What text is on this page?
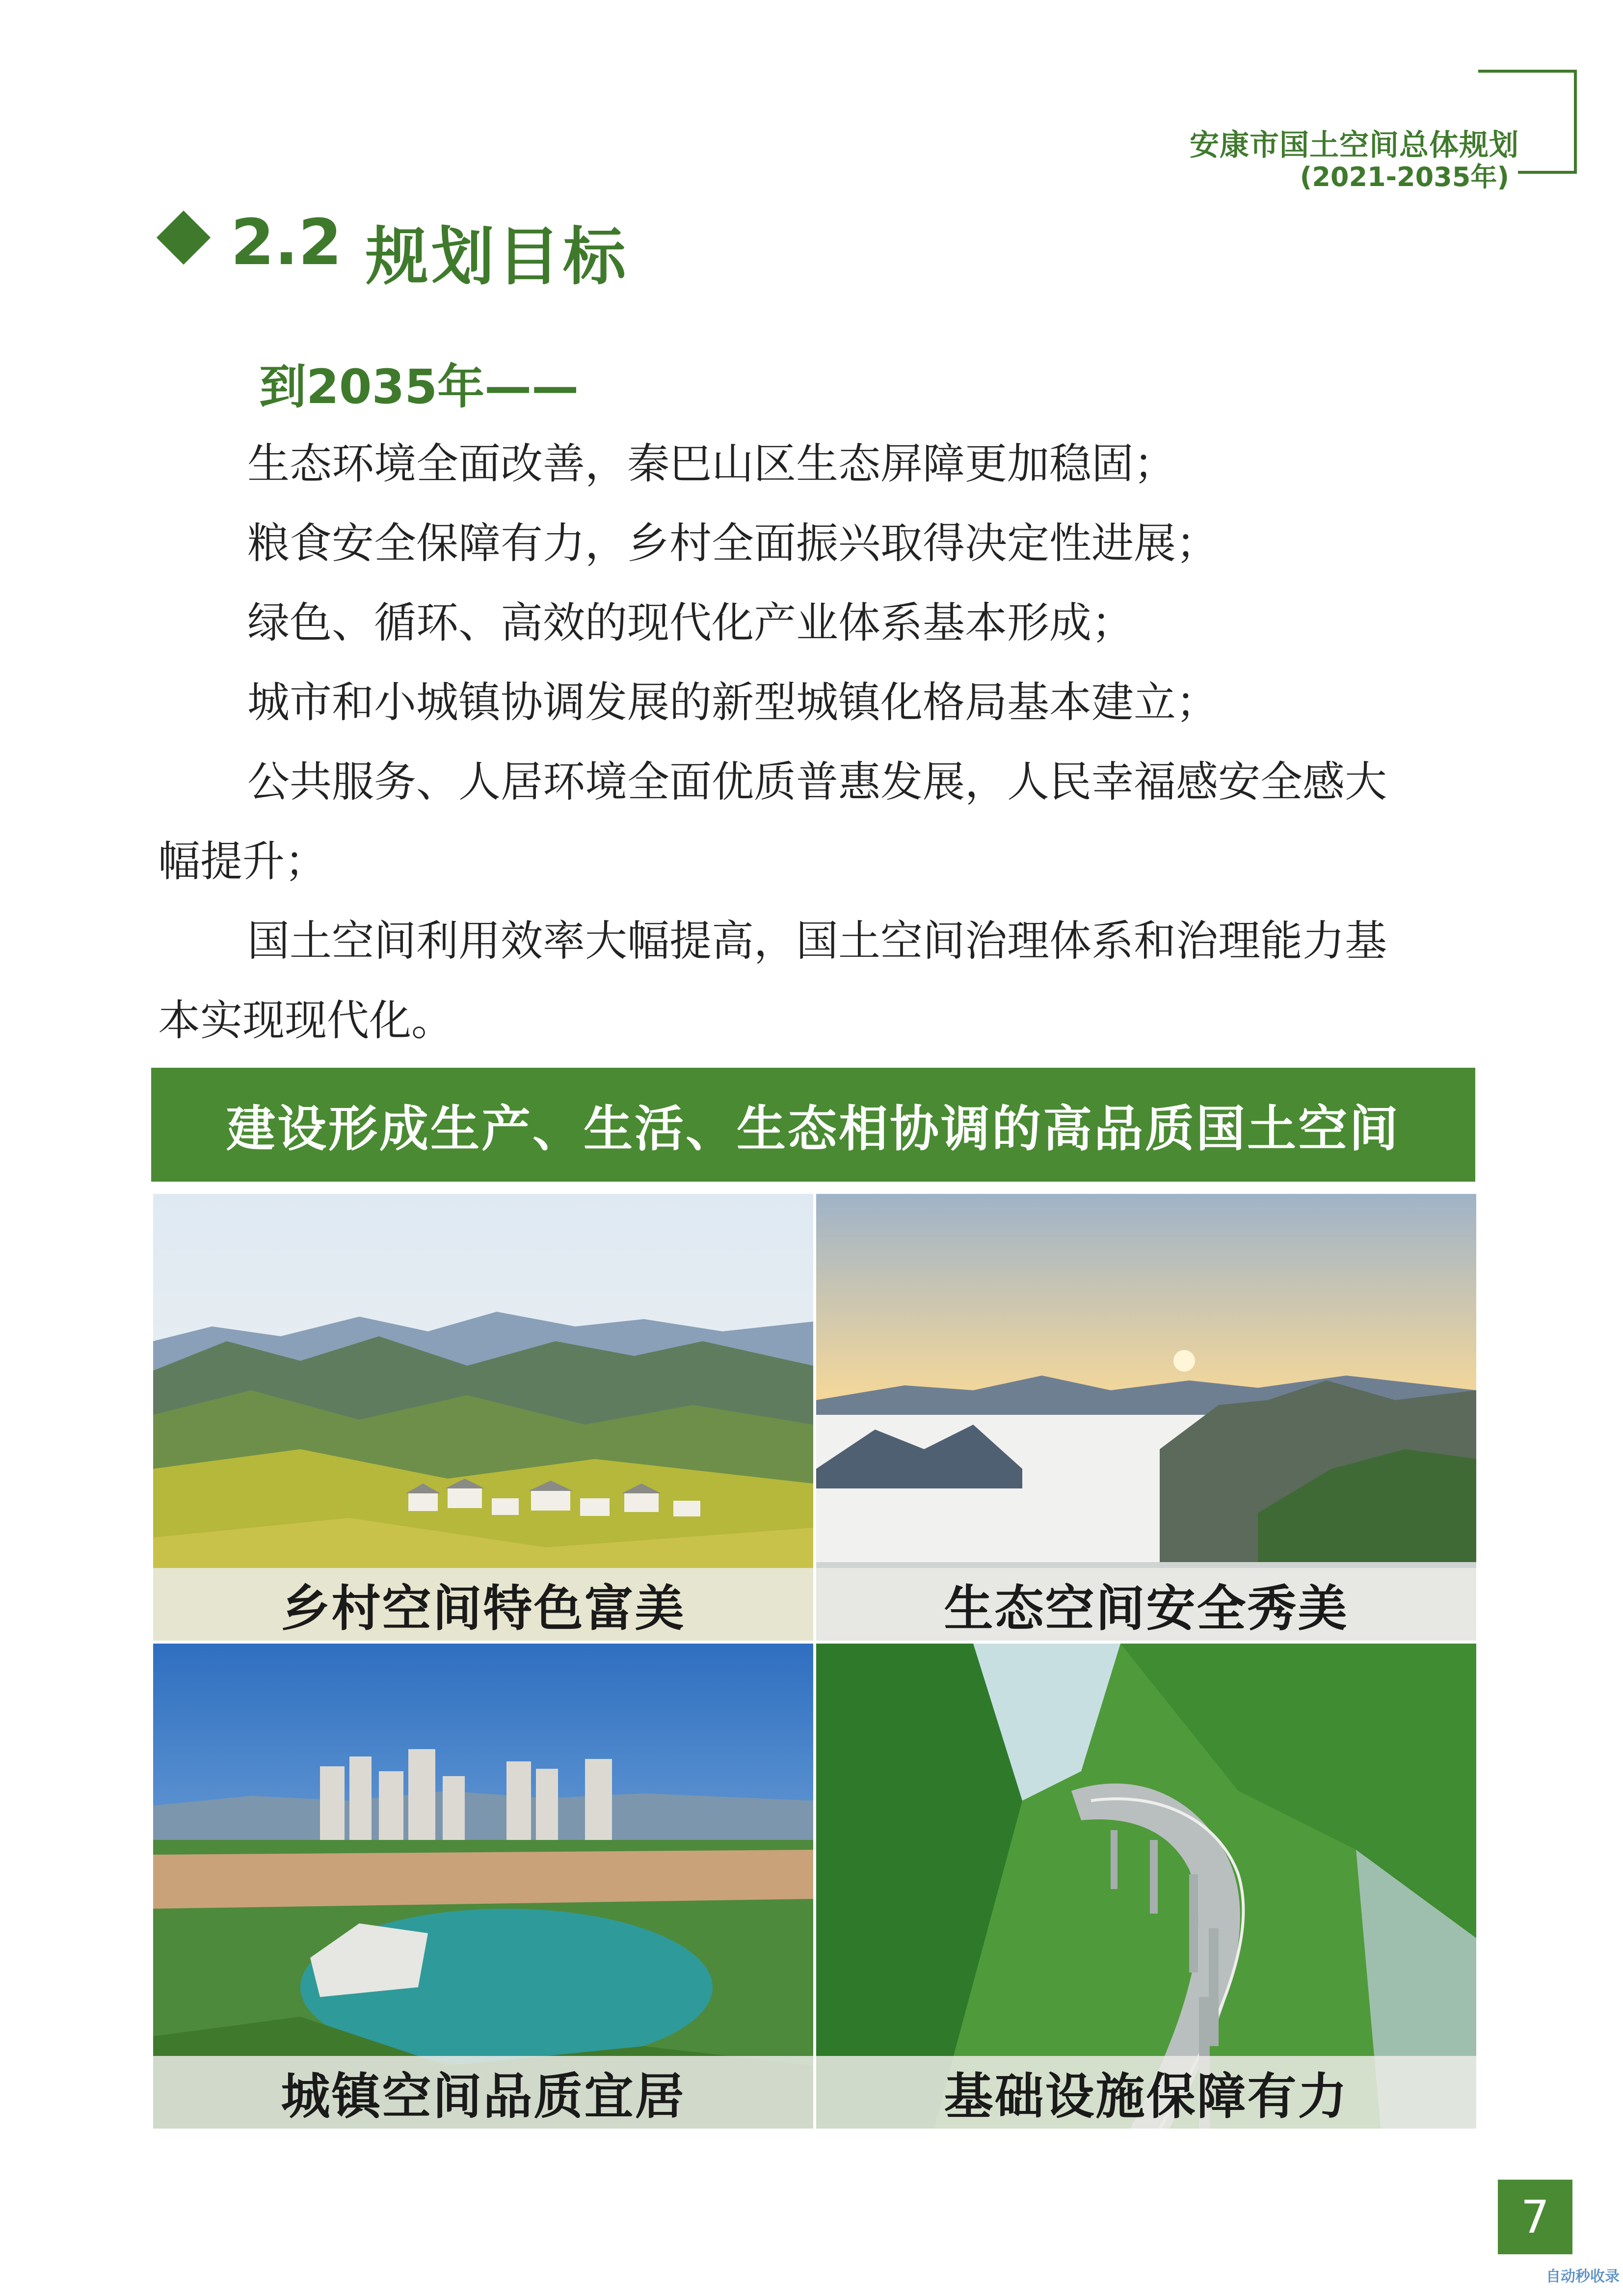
安康市国土空间总体规划
(2021-2035年)
2.2 规划目标
到2035年——
生态环境全面改善，秦巴山区生态屏障更加稳固；
粮食安全保障有力，乡村全面振兴取得决定性进展；
绿色、循环、高效的现代化产业体系基本形成；
城市和小城镇协调发展的新型城镇化格局基本建立；
公共服务、人居环境全面优质普惠发展，人民幸福感安全感大
幅提升；
国土空间利用效率大幅提高，国土空间治理体系和治理能力基
本实现现代化。
建设形成生产、生活、生态相协调的高品质国土空间
乡村空间特色富美	生态空间安全秀美
城镇空间品质宜居	基础设施保障有力
7
自动秒收录
